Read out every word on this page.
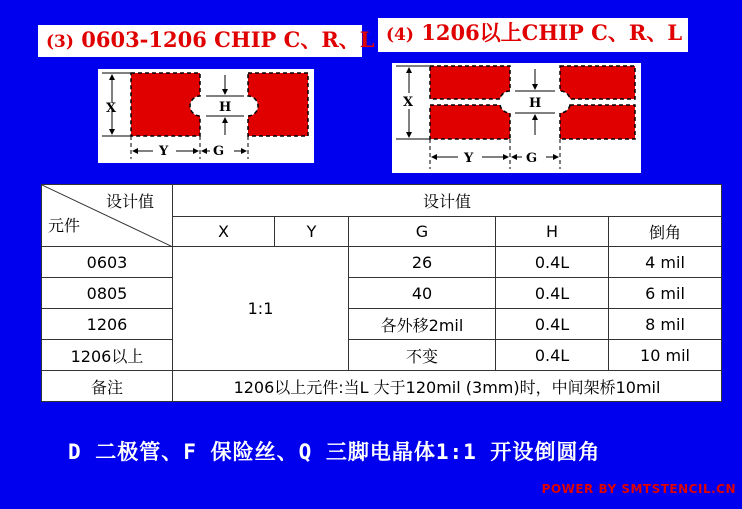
(3) 0603-1206 CHIP C、R、L (4) 1206以上CHIP C、R、L
X	H
Y	G
X	H
Y	G
设计值
元件	设计值				
	X	Y	G	H	倒角
0603	1:1		26	0.4L	4 mil
0805			40	0.4L	6 mil
1206			各外移2mil	0.4L	8 mil
1206以上			不变	0.4L	10 mil
备注	1206以上元件:当L 大于120mil (3mm)时，中间架桥10mil				
D 二极管、F 保险丝、Q 三脚电晶体1:1 开设倒圆角
POWER BY SMTSTENCIL.CN
